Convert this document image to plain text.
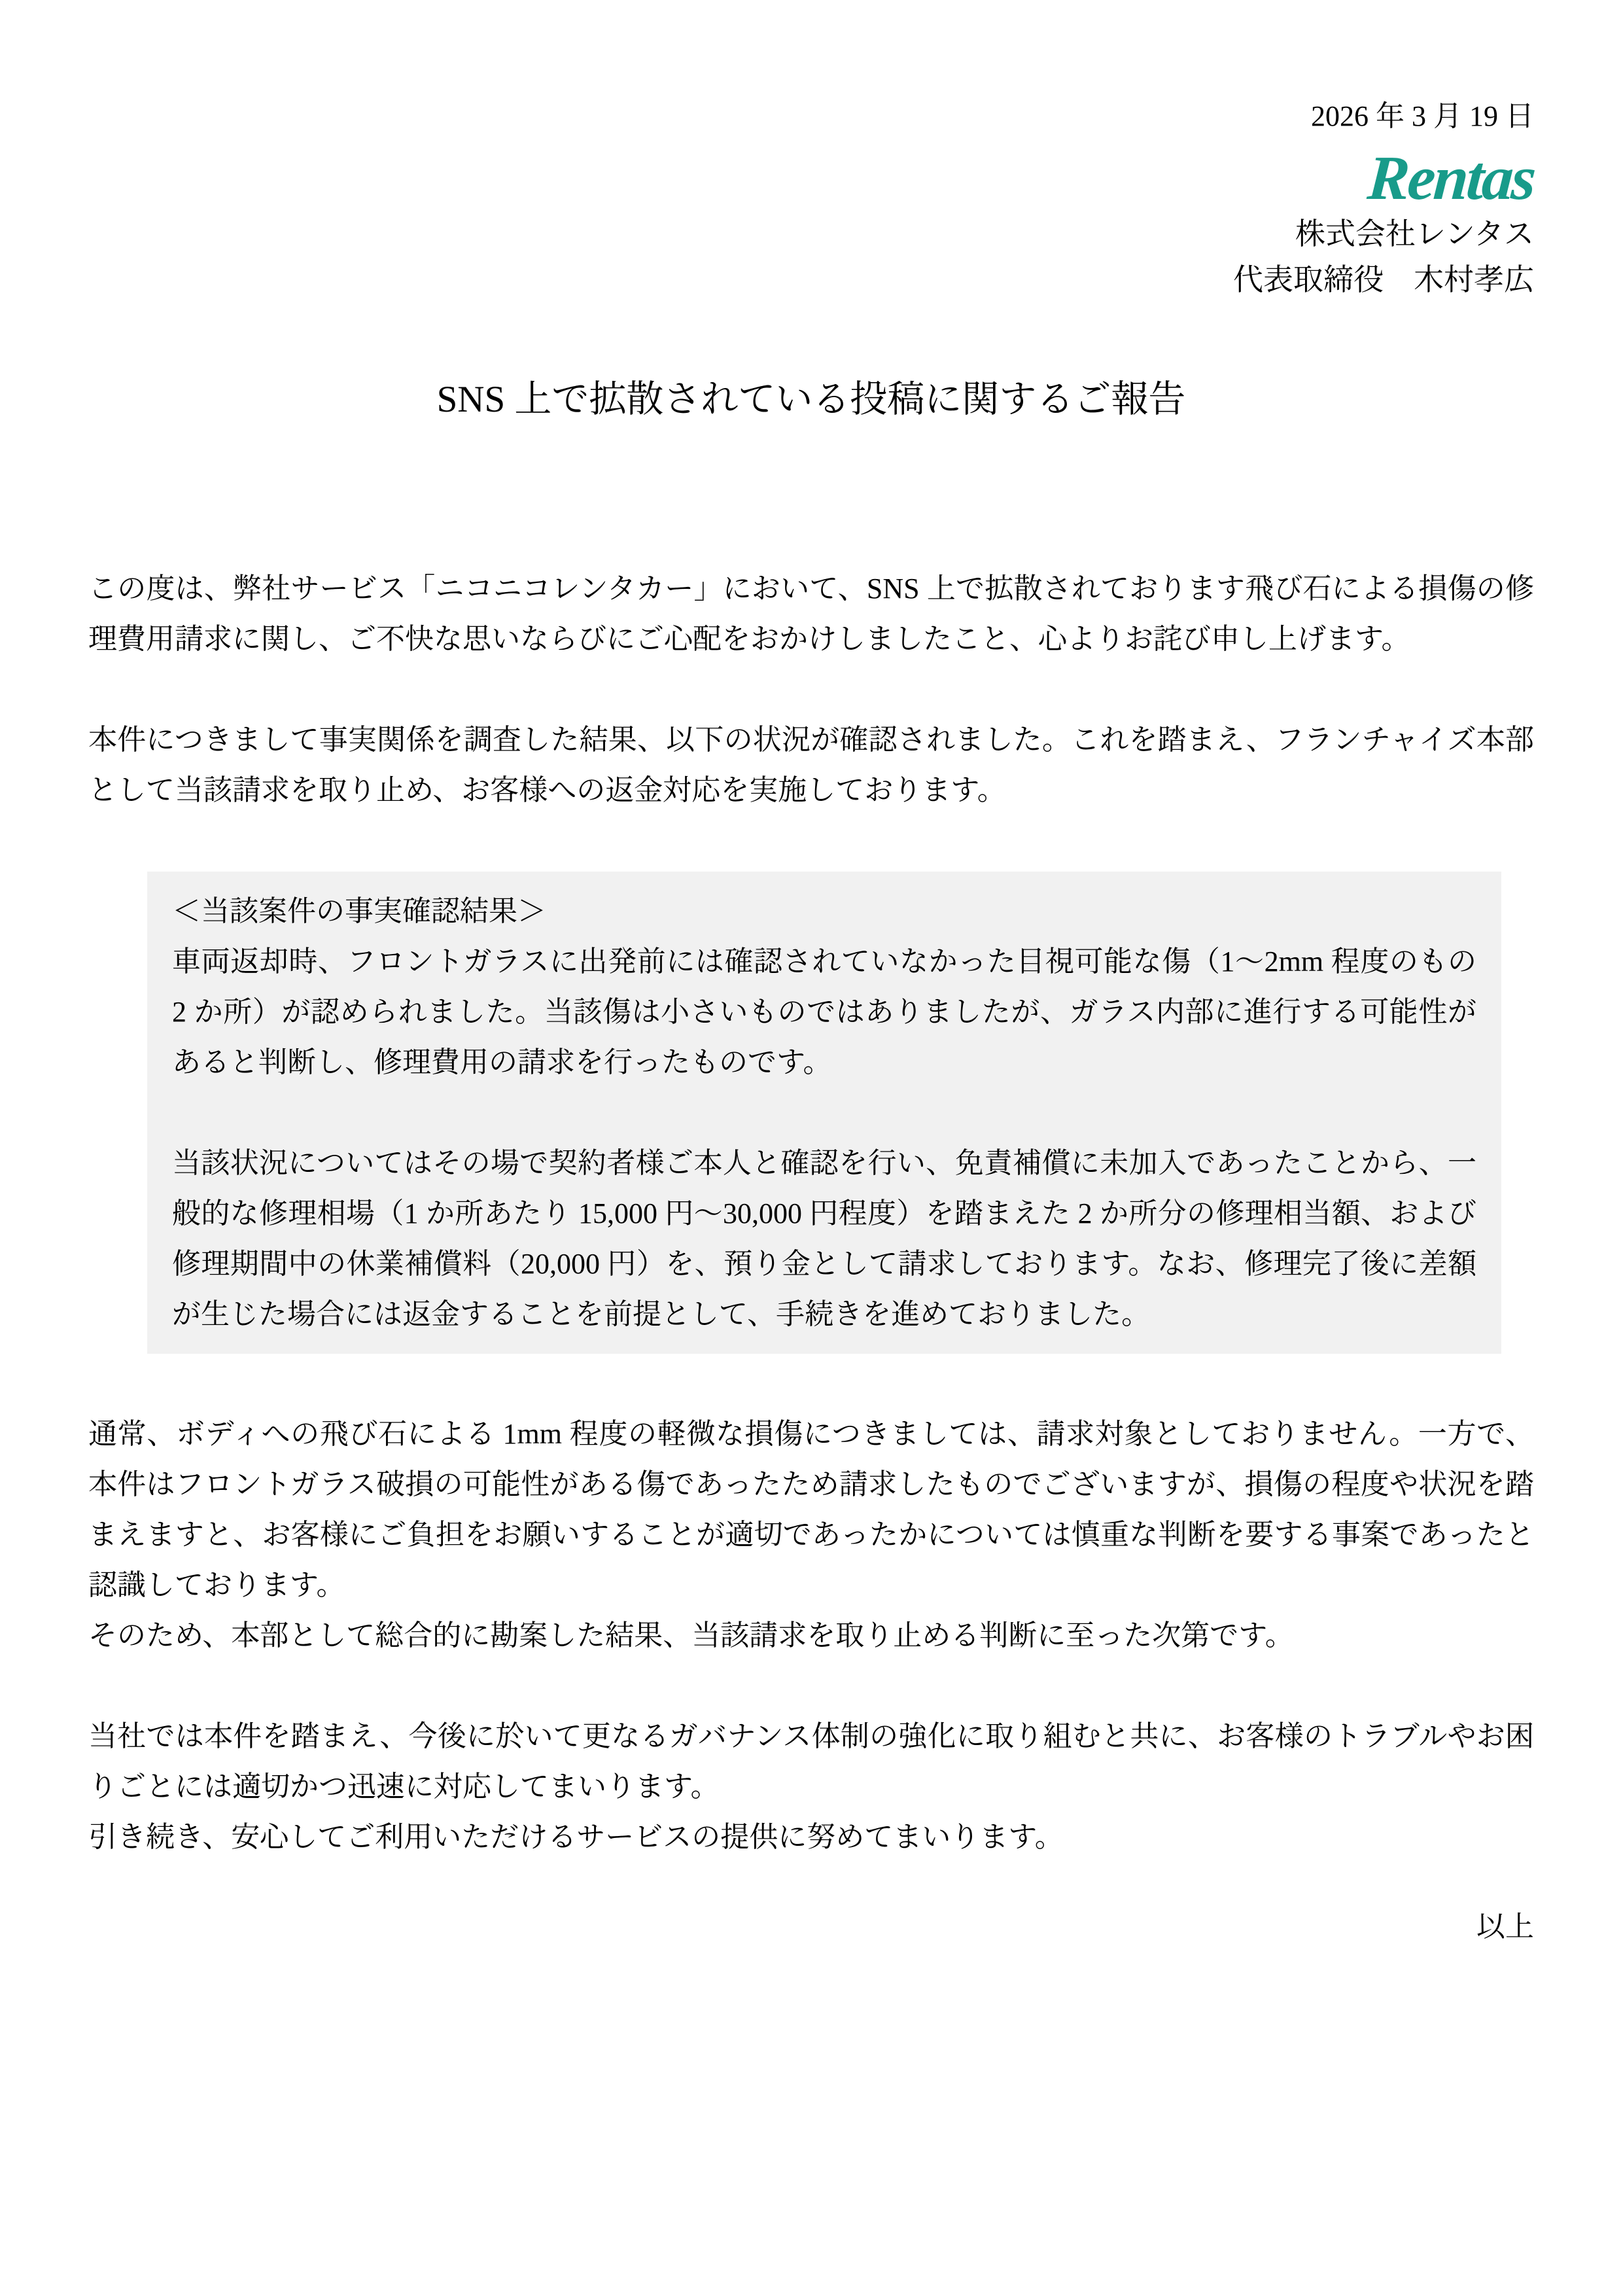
2026 年 3 月 19 日
Rentas
株式会社レンタス
代表取締役　木村孝広
SNS 上で拡散されている投稿に関するご報告

この度は、弊社サービス「ニコニコレンタカー」において、SNS 上で拡散されております飛び石による損傷の修理費用請求に関し、ご不快な思いならびにご心配をおかけしましたこと、心よりお詫び申し上げます。

本件につきまして事実関係を調査した結果、以下の状況が確認されました。これを踏まえ、フランチャイズ本部として当該請求を取り止め、お客様への返金対応を実施しております。

＜当該案件の事実確認結果＞

車両返却時、フロントガラスに出発前には確認されていなかった目視可能な傷（1〜2mm 程度のもの 2 か所）が認められました。当該傷は小さいものではありましたが、ガラス内部に進行する可能性があると判断し、修理費用の請求を行ったものです。

当該状況についてはその場で契約者様ご本人と確認を行い、免責補償に未加入であったことから、一般的な修理相場（1 か所あたり 15,000 円〜30,000 円程度）を踏まえた 2 か所分の修理相当額、および修理期間中の休業補償料（20,000 円）を、預り金として請求しております。なお、修理完了後に差額が生じた場合には返金することを前提として、手続きを進めておりました。

通常、ボディへの飛び石による 1mm 程度の軽微な損傷につきましては、請求対象としておりません。一方で、本件はフロントガラス破損の可能性がある傷であったため請求したものでございますが、損傷の程度や状況を踏まえますと、お客様にご負担をお願いすることが適切であったかについては慎重な判断を要する事案であったと認識しております。

そのため、本部として総合的に勘案した結果、当該請求を取り止める判断に至った次第です。

当社では本件を踏まえ、今後に於いて更なるガバナンス体制の強化に取り組むと共に、お客様のトラブルやお困りごとには適切かつ迅速に対応してまいります。

引き続き、安心してご利用いただけるサービスの提供に努めてまいります。

以上
